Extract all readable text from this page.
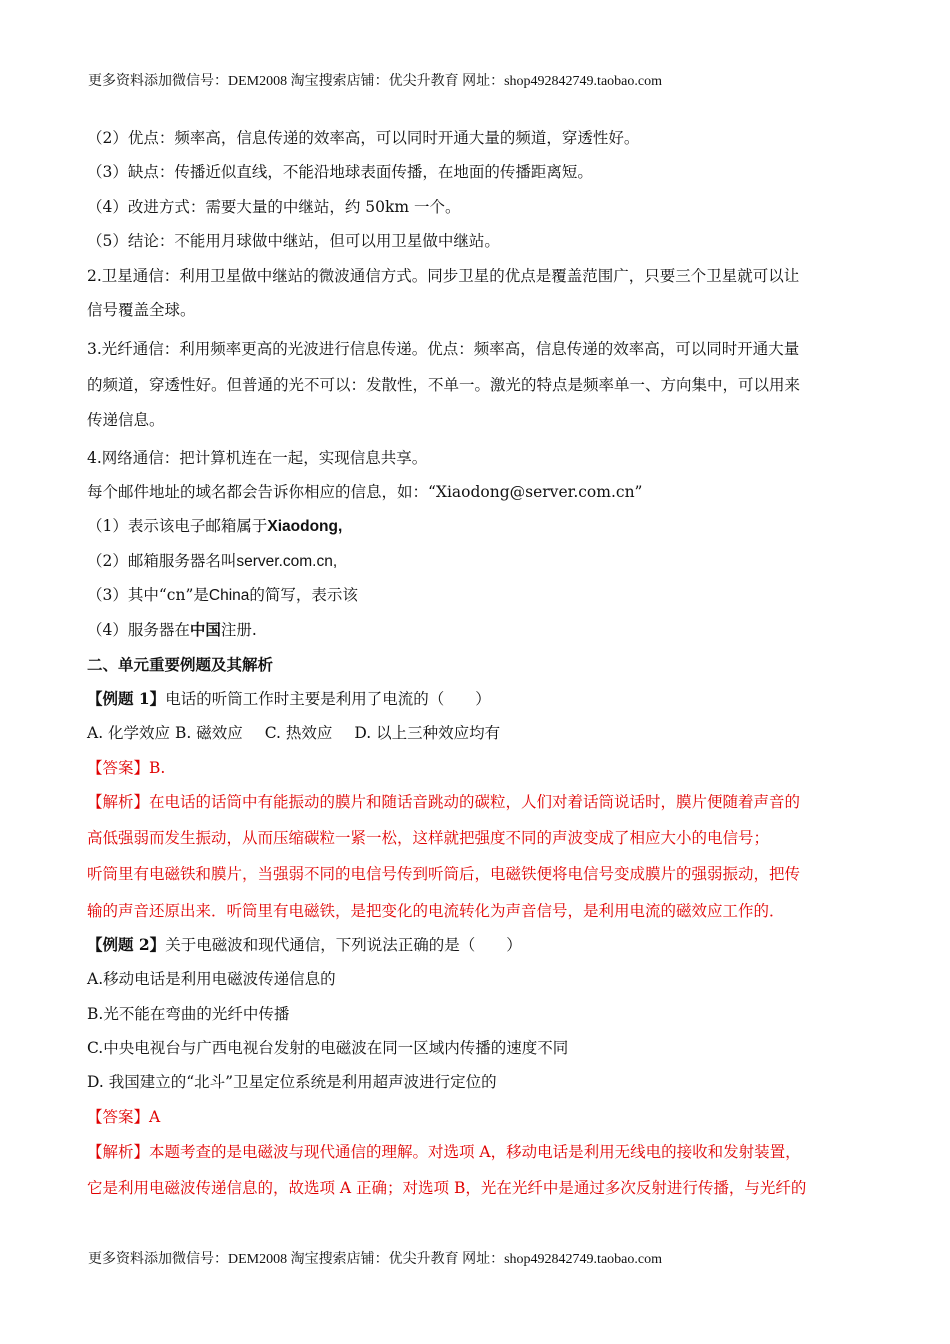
更多资料添加微信号：DEM2008 淘宝搜索店铺：优尖升教育 网址：shop492842749.taobao.com
（2）优点：频率高，信息传递的效率高，可以同时开通大量的频道，穿透性好。
（3）缺点：传播近似直线，不能沿地球表面传播，在地面的传播距离短。
（4）改进方式：需要大量的中继站，约 50km 一个。
（5）结论：不能用月球做中继站，但可以用卫星做中继站。
2.卫星通信：利用卫星做中继站的微波通信方式。同步卫星的优点是覆盖范围广，只要三个卫星就可以让
信号覆盖全球。
3.光纤通信：利用频率更高的光波进行信息传递。优点：频率高，信息传递的效率高，可以同时开通大量
的频道，穿透性好。但普通的光不可以：发散性，不单一。激光的特点是频率单一、方向集中，可以用来
传递信息。
4.网络通信：把计算机连在一起，实现信息共享。
每个邮件地址的域名都会告诉你相应的信息，如：“Xiaodong@server.com.cn”
（1）表示该电子邮箱属于Xiaodong,
（2）邮箱服务器名叫server.com.cn,
（3）其中“cn”是China的简写，表示该
（4）服务器在中国注册.
二、单元重要例题及其解析
【例题 1】电话的听筒工作时主要是利用了电流的（　　）
A. 化学效应 B. 磁效应 C. 热效应 D. 以上三种效应均有
【答案】B.
【解析】在电话的话筒中有能振动的膜片和随话音跳动的碳粒，人们对着话筒说话时，膜片便随着声音的
高低强弱而发生振动，从而压缩碳粒一紧一松，这样就把强度不同的声波变成了相应大小的电信号；
听筒里有电磁铁和膜片，当强弱不同的电信号传到听筒后，电磁铁便将电信号变成膜片的强弱振动，把传
输的声音还原出来．听筒里有电磁铁，是把变化的电流转化为声音信号，是利用电流的磁效应工作的．
【例题 2】关于电磁波和现代通信，下列说法正确的是（　　）
A.移动电话是利用电磁波传递信息的
B.光不能在弯曲的光纤中传播
C.中央电视台与广西电视台发射的电磁波在同一区域内传播的速度不同
D. 我国建立的“北斗”卫星定位系统是利用超声波进行定位的
【答案】A
【解析】本题考查的是电磁波与现代通信的理解。对选项 A，移动电话是利用无线电的接收和发射装置，
它是利用电磁波传递信息的，故选项 A 正确；对选项 B，光在光纤中是通过多次反射进行传播，与光纤的
更多资料添加微信号：DEM2008 淘宝搜索店铺：优尖升教育 网址：shop492842749.taobao.com
